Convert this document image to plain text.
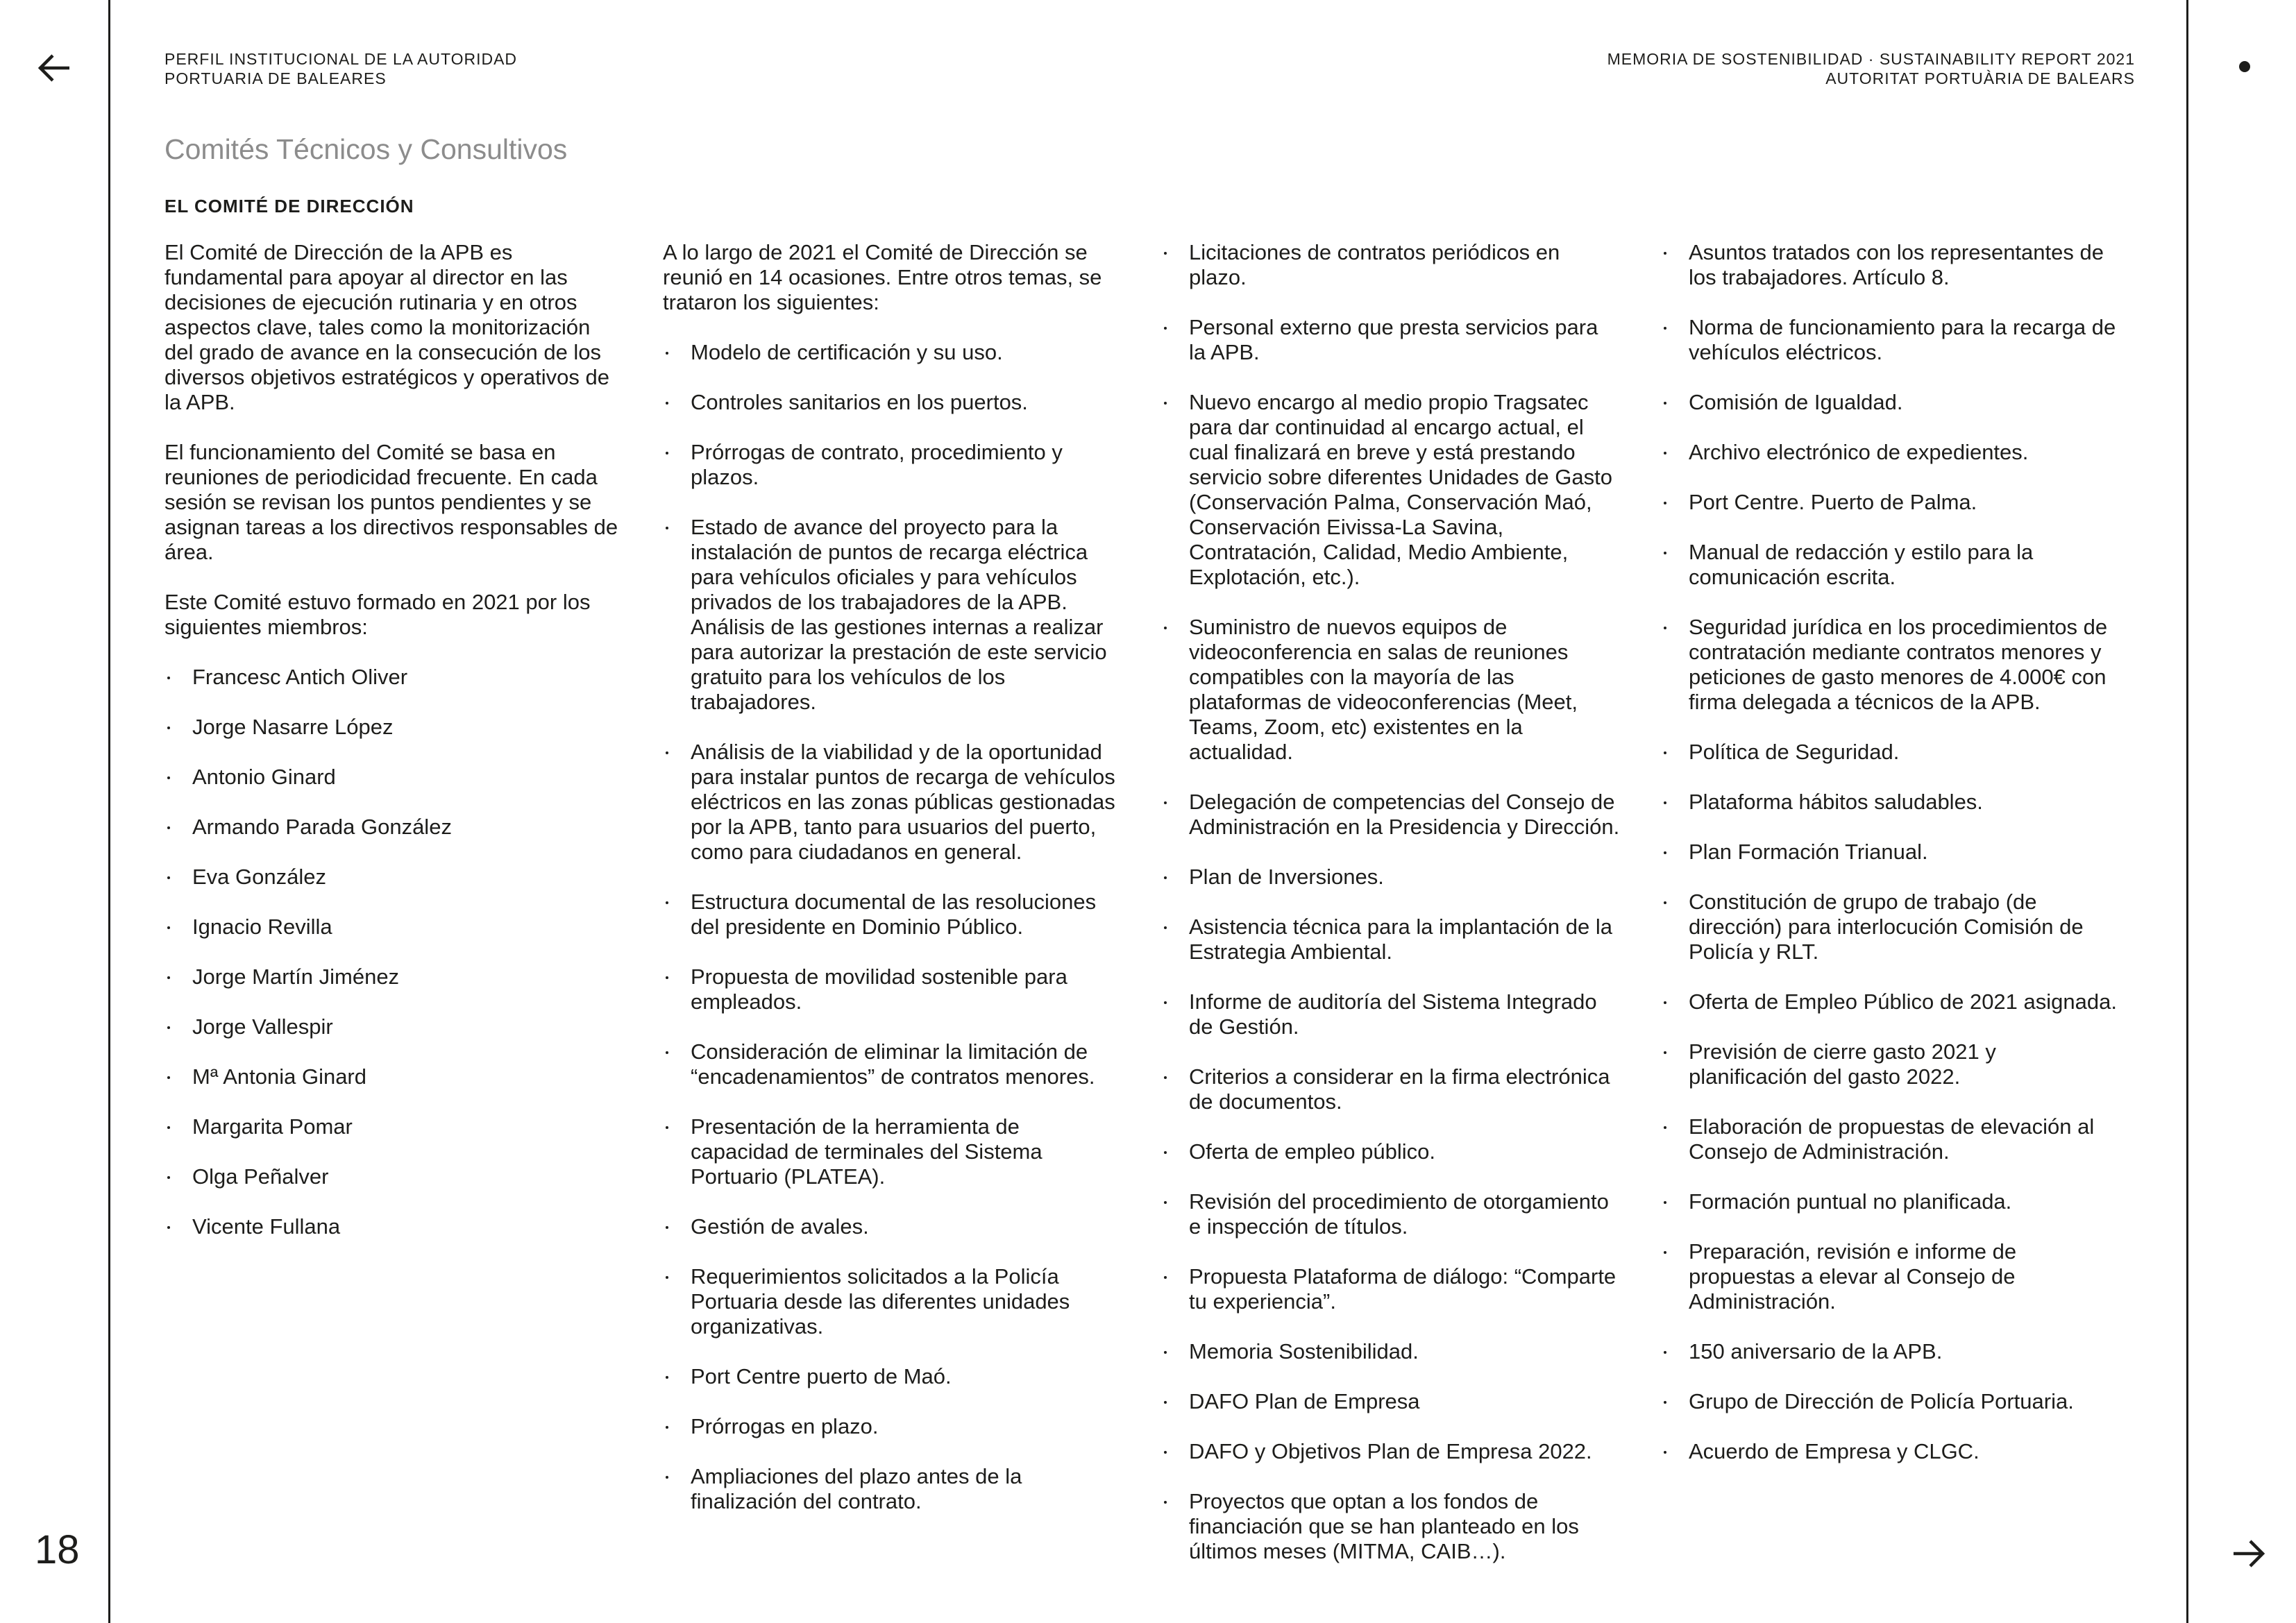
18
PERFIL INSTITUCIONAL DE LA AUTORIDAD
PORTUARIA DE BALEARES
MEMORIA DE SOSTENIBILIDAD · SUSTAINABILITY REPORT 2021
AUTORITAT PORTUÀRIA DE BALEARS
Comités Técnicos y Consultivos
EL COMITÉ DE DIRECCIÓN

El Comité de Dirección de la APB es fundamental para apoyar al director en las decisiones de ejecución rutinaria y en otros aspectos clave, tales como la monitorización del grado de avance en la consecución de los diversos objetivos estratégicos y operativos de la APB.

El funcionamiento del Comité se basa en reuniones de periodicidad frecuente. En cada sesión se revisan los puntos pendientes y se asignan tareas a los directivos responsables de área.

Este Comité estuvo formado en 2021 por los siguientes miembros:

Francesc Antich Oliver
Jorge Nasarre López
Antonio Ginard
Armando Parada González
Eva González
Ignacio Revilla
Jorge Martín Jiménez
Jorge Vallespir
Mª Antonia Ginard
Margarita Pomar
Olga Peñalver
Vicente Fullana

A lo largo de 2021 el Comité de Dirección se reunió en 14 ocasiones. Entre otros temas, se trataron los siguientes:

Modelo de certificación y su uso.
Controles sanitarios en los puertos.
Prórrogas de contrato, procedimiento y plazos.
Estado de avance del proyecto para la instalación de puntos de recarga eléctrica para vehículos oficiales y para vehículos privados de los trabajadores de la APB. Análisis de las gestiones internas a realizar para autorizar la prestación de este servicio gratuito para los vehículos de los trabajadores.
Análisis de la viabilidad y de la oportunidad para instalar puntos de recarga de vehículos eléctricos en las zonas públicas gestionadas por la APB, tanto para usuarios del puerto, como para ciudadanos en general.
Estructura documental de las resoluciones del presidente en Dominio Público.
Propuesta de movilidad sostenible para empleados.
Consideración de eliminar la limitación de “encadenamientos” de contratos menores.
Presentación de la herramienta de capacidad de terminales del Sistema Portuario (PLATEA).
Gestión de avales.
Requerimientos solicitados a la Policía Portuaria desde las diferentes unidades organizativas.
Port Centre puerto de Maó.
Prórrogas en plazo.
Ampliaciones del plazo antes de la finalización del contrato.
Licitaciones de contratos periódicos en plazo.
Personal externo que presta servicios para la APB.
Nuevo encargo al medio propio Tragsatec para dar continuidad al encargo actual, el cual finalizará en breve y está prestando servicio sobre diferentes Unidades de Gasto (Conservación Palma, Conservación Maó, Conservación Eivissa-La Savina, Contratación, Calidad, Medio Ambiente, Explotación, etc.).
Suministro de nuevos equipos de videoconferencia en salas de reuniones compatibles con la mayoría de las plataformas de videoconferencias (Meet, Teams, Zoom, etc) existentes en la actualidad.
Delegación de competencias del Consejo de Administración en la Presidencia y Dirección.
Plan de Inversiones.
Asistencia técnica para la implantación de la Estrategia Ambiental.
Informe de auditoría del Sistema Integrado de Gestión.
Criterios a considerar en la firma electrónica de documentos.
Oferta de empleo público.
Revisión del procedimiento de otorgamiento e inspección de títulos.
Propuesta Plataforma de diálogo: “Comparte tu experiencia”.
Memoria Sostenibilidad.
DAFO Plan de Empresa
DAFO y Objetivos Plan de Empresa 2022.
Proyectos que optan a los fondos de financiación que se han planteado en los últimos meses (MITMA, CAIB…).
Asuntos tratados con los representantes de los trabajadores. Artículo 8.
Norma de funcionamiento para la recarga de vehículos eléctricos.
Comisión de Igualdad.
Archivo electrónico de expedientes.
Port Centre. Puerto de Palma.
Manual de redacción y estilo para la comunicación escrita.
Seguridad jurídica en los procedimientos de contratación mediante contratos menores y peticiones de gasto menores de 4.000€ con firma delegada a técnicos de la APB.
Política de Seguridad.
Plataforma hábitos saludables.
Plan Formación Trianual.
Constitución de grupo de trabajo (de dirección) para interlocución Comisión de Policía y RLT.
Oferta de Empleo Público de 2021 asignada.
Previsión de cierre gasto 2021 y planificación del gasto 2022.
Elaboración de propuestas de elevación al Consejo de Administración.
Formación puntual no planificada.
Preparación, revisión e informe de propuestas a elevar al Consejo de Administración.
150 aniversario de la APB.
Grupo de Dirección de Policía Portuaria.
Acuerdo de Empresa y CLGC.
